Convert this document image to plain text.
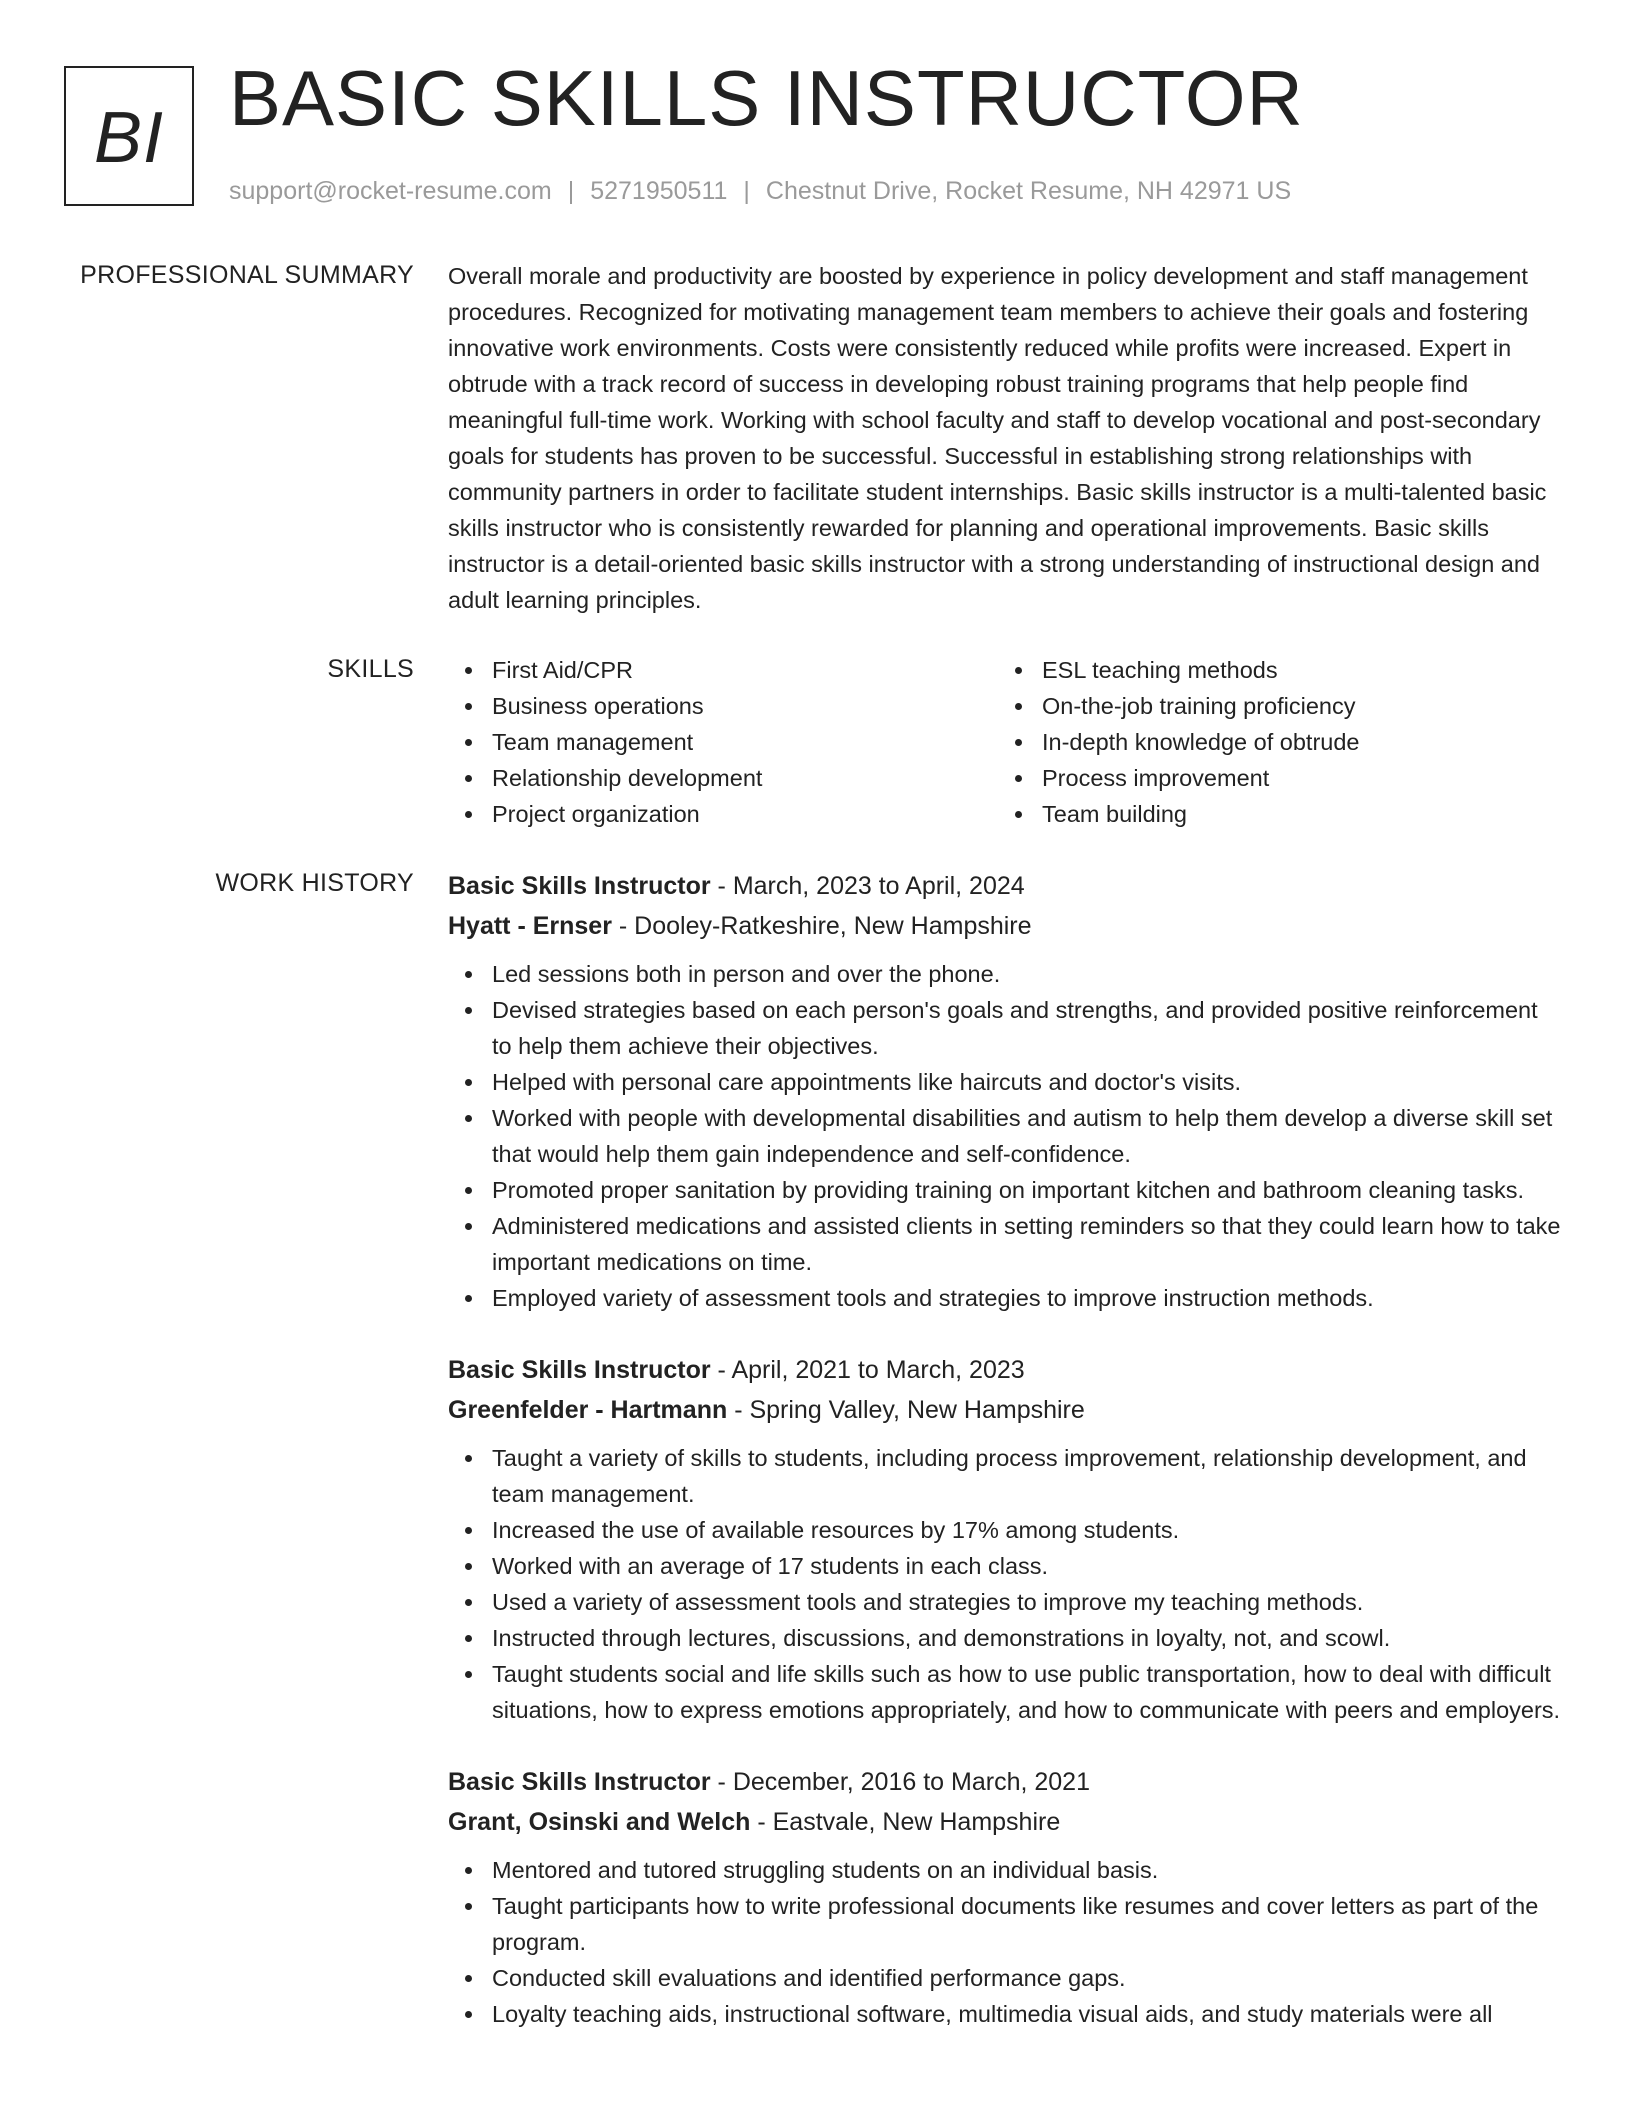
BI BASIC SKILLS INSTRUCTOR
support@rocket-resume.com | 5271950511 | Chestnut Drive, Rocket Resume, NH 42971 US
PROFESSIONAL SUMMARY Overall morale and productivity are boosted by experience in policy development and staff management procedures. Recognized for motivating management team members to achieve their goals and fostering innovative work environments. Costs were consistently reduced while profits were increased. Expert in obtrude with a track record of success in developing robust training programs that help people find meaningful full-time work. Working with school faculty and staff to develop vocational and post-secondary goals for students has proven to be successful. Successful in establishing strong relationships with community partners in order to facilitate student internships. Basic skills instructor is a multi-talented basic skills instructor who is consistently rewarded for planning and operational improvements. Basic skills instructor is a detail-oriented basic skills instructor with a strong understanding of instructional design and adult learning principles.

SKILLS	First Aid/CPR
Business operations
Team management
Relationship development
Project organization
ESL teaching methods
On-the-job training proficiency
In-depth knowledge of obtrude
Process improvement
Team building
WORK HISTORY Basic Skills Instructor - March, 2023 to April, 2024
Hyatt - Ernser - Dooley-Ratkeshire, New Hampshire
Led sessions both in person and over the phone.
Devised strategies based on each person's goals and strengths, and provided positive reinforcement to help them achieve their objectives.
Helped with personal care appointments like haircuts and doctor's visits.
Worked with people with developmental disabilities and autism to help them develop a diverse skill set that would help them gain independence and self-confidence.
Promoted proper sanitation by providing training on important kitchen and bathroom cleaning tasks.
Administered medications and assisted clients in setting reminders so that they could learn how to take important medications on time.
Employed variety of assessment tools and strategies to improve instruction methods.
Basic Skills Instructor - April, 2021 to March, 2023
Greenfelder - Hartmann - Spring Valley, New Hampshire
Taught a variety of skills to students, including process improvement, relationship development, and team management.
Increased the use of available resources by 17% among students.
Worked with an average of 17 students in each class.
Used a variety of assessment tools and strategies to improve my teaching methods.
Instructed through lectures, discussions, and demonstrations in loyalty, not, and scowl.
Taught students social and life skills such as how to use public transportation, how to deal with difficult situations, how to express emotions appropriately, and how to communicate with peers and employers.
Basic Skills Instructor - December, 2016 to March, 2021
Grant, Osinski and Welch - Eastvale, New Hampshire
Mentored and tutored struggling students on an individual basis.
Taught participants how to write professional documents like resumes and cover letters as part of the program.
Conducted skill evaluations and identified performance gaps.
Loyalty teaching aids, instructional software, multimedia visual aids, and study materials were all
